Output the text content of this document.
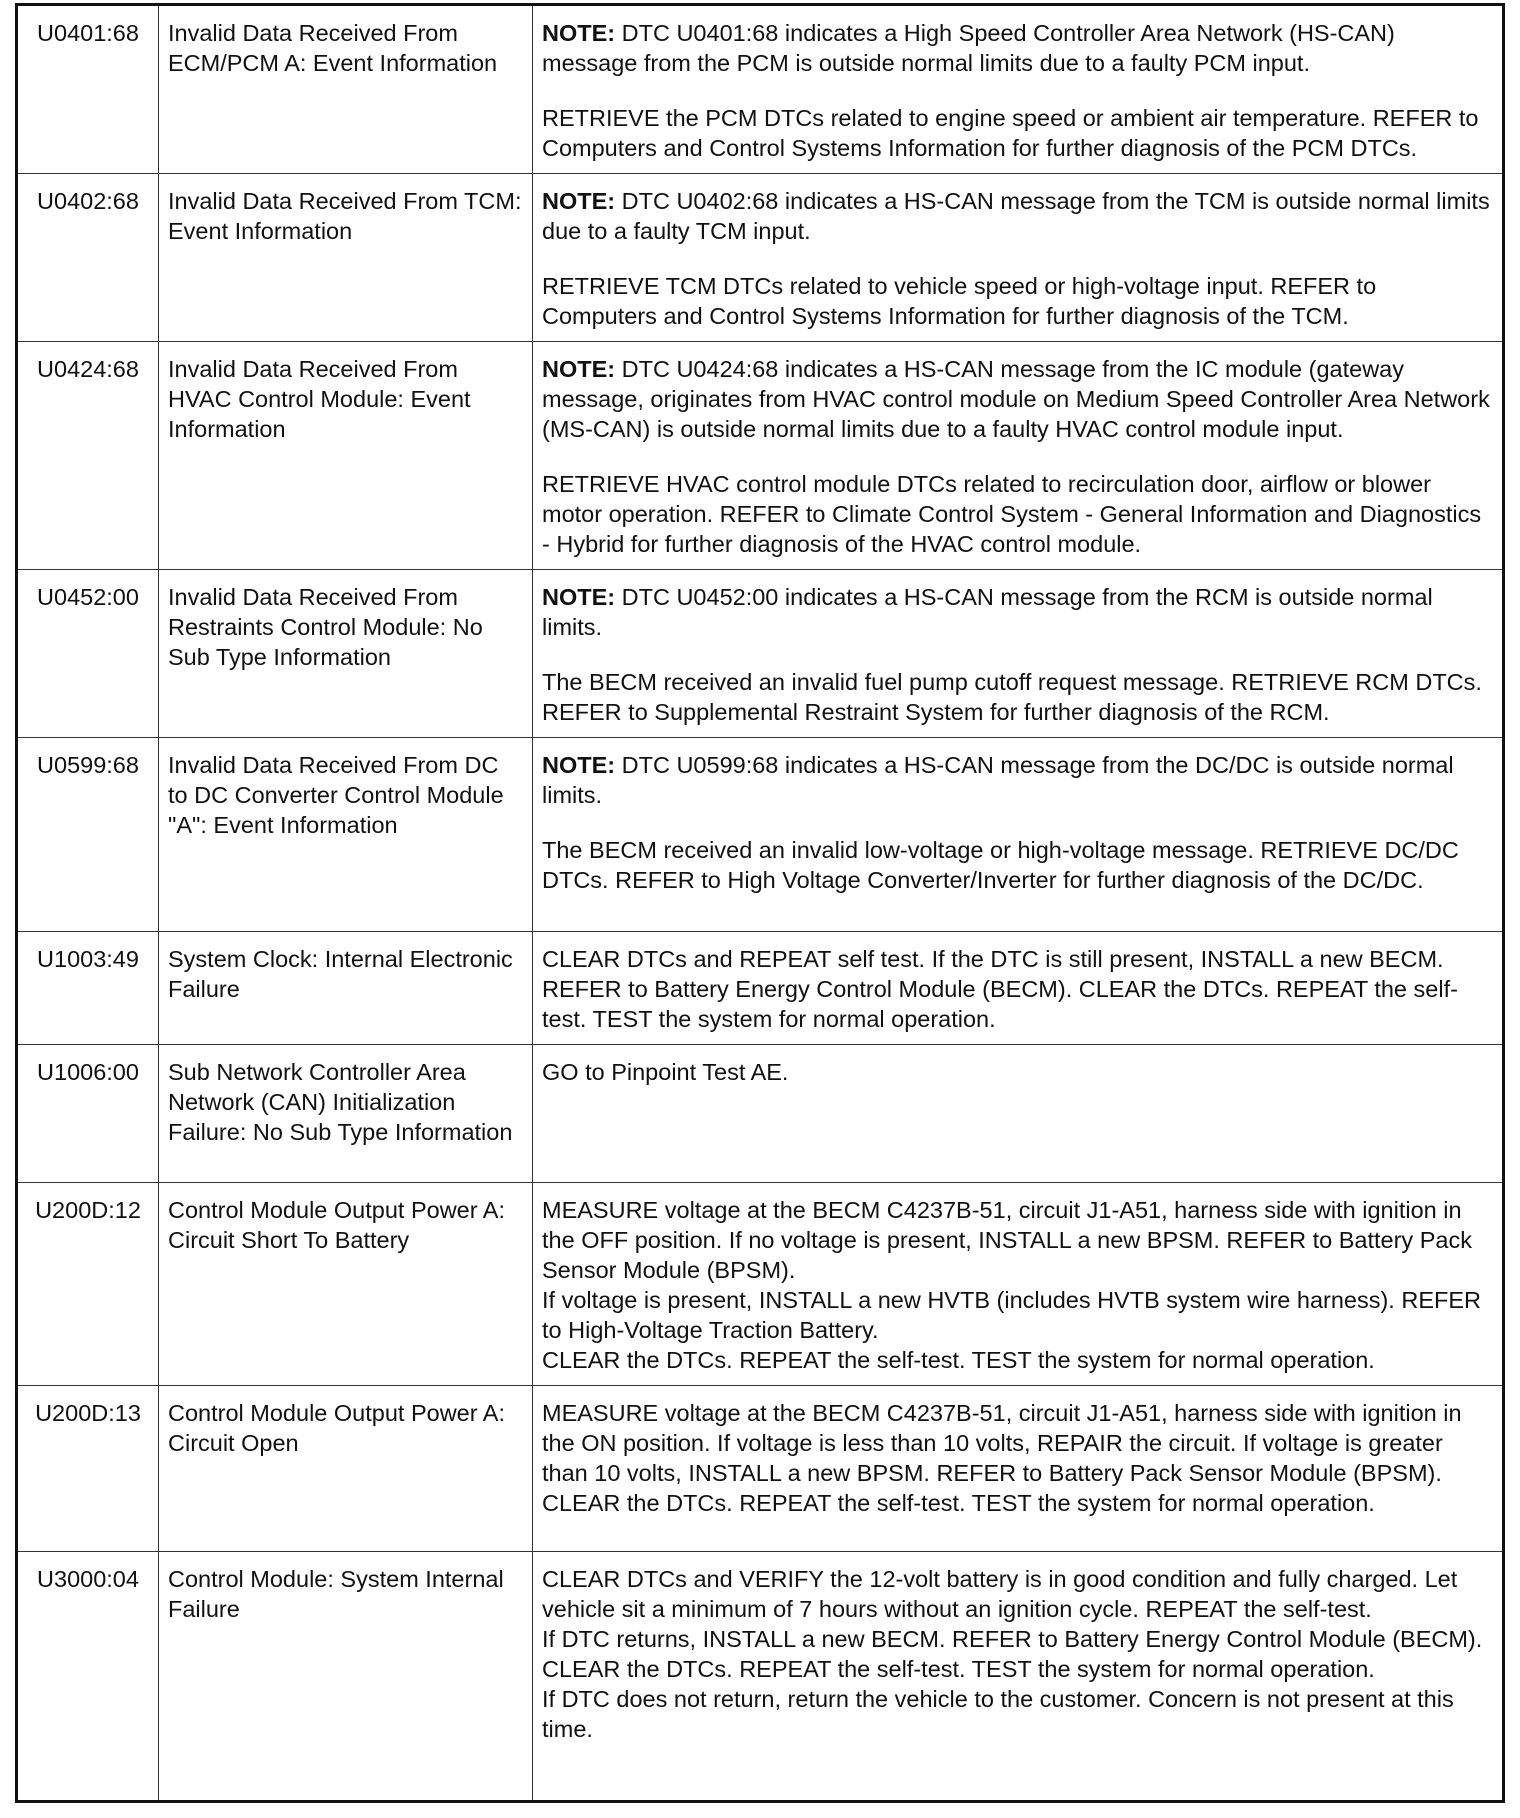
U0401:68	Invalid Data Received From ECM/PCM A: Event Information	NOTE: DTC U0401:68 indicates a High Speed Controller Area Network (HS-CAN) message from the PCM is outside normal limits due to a faulty PCM input.

RETRIEVE the PCM DTCs related to engine speed or ambient air temperature. REFER to Computers and Control Systems Information for further diagnosis of the PCM DTCs.

U0402:68	Invalid Data Received From TCM: Event Information	NOTE: DTC U0402:68 indicates a HS-CAN message from the TCM is outside normal limits due to a faulty TCM input.

RETRIEVE TCM DTCs related to vehicle speed or high-voltage input. REFER to Computers and Control Systems Information for further diagnosis of the TCM.

U0424:68	Invalid Data Received From HVAC Control Module: Event Information	NOTE: DTC U0424:68 indicates a HS-CAN message from the IC module (gateway message, originates from HVAC control module on Medium Speed Controller Area Network (MS-CAN) is outside normal limits due to a faulty HVAC control module input.

RETRIEVE HVAC control module DTCs related to recirculation door, airflow or blower motor operation. REFER to Climate Control System - General Information and Diagnostics - Hybrid for further diagnosis of the HVAC control module.

U0452:00	Invalid Data Received From Restraints Control Module: No Sub Type Information	NOTE: DTC U0452:00 indicates a HS-CAN message from the RCM is outside normal limits.

The BECM received an invalid fuel pump cutoff request message. RETRIEVE RCM DTCs. REFER to Supplemental Restraint System for further diagnosis of the RCM.

U0599:68	Invalid Data Received From DC to DC Converter Control Module "A": Event Information	NOTE: DTC U0599:68 indicates a HS-CAN message from the DC/DC is outside normal limits.

The BECM received an invalid low-voltage or high-voltage message. RETRIEVE DC/DC DTCs. REFER to High Voltage Converter/Inverter for further diagnosis of the DC/DC.

U1003:49	System Clock: Internal Electronic Failure	CLEAR DTCs and REPEAT self test. If the DTC is still present, INSTALL a new BECM. REFER to Battery Energy Control Module (BECM). CLEAR the DTCs. REPEAT the self-test. TEST the system for normal operation.

U1006:00	Sub Network Controller Area Network (CAN) Initialization Failure: No Sub Type Information	GO to Pinpoint Test AE.

U200D:12	Control Module Output Power A: Circuit Short To Battery	MEASURE voltage at the BECM C4237B-51, circuit J1-A51, harness side with ignition in the OFF position. If no voltage is present, INSTALL a new BPSM. REFER to Battery Pack Sensor Module (BPSM).
If voltage is present, INSTALL a new HVTB (includes HVTB system wire harness). REFER to High-Voltage Traction Battery.
CLEAR the DTCs. REPEAT the self-test. TEST the system for normal operation.

U200D:13	Control Module Output Power A: Circuit Open	MEASURE voltage at the BECM C4237B-51, circuit J1-A51, harness side with ignition in the ON position. If voltage is less than 10 volts, REPAIR the circuit. If voltage is greater than 10 volts, INSTALL a new BPSM. REFER to Battery Pack Sensor Module (BPSM). CLEAR the DTCs. REPEAT the self-test. TEST the system for normal operation.

U3000:04	Control Module: System Internal Failure	CLEAR DTCs and VERIFY the 12-volt battery is in good condition and fully charged. Let vehicle sit a minimum of 7 hours without an ignition cycle. REPEAT the self-test.
If DTC returns, INSTALL a new BECM. REFER to Battery Energy Control Module (BECM). CLEAR the DTCs. REPEAT the self-test. TEST the system for normal operation.
If DTC does not return, return the vehicle to the customer. Concern is not present at this time.
